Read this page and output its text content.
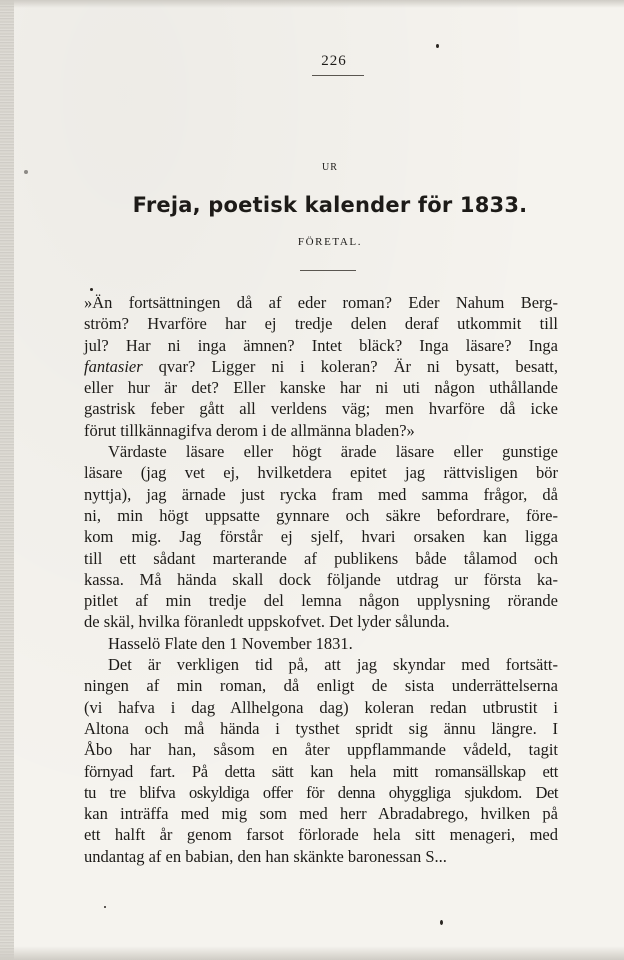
226
UR
Freja, poetisk kalender för 1833.
FÖRETAL.
»Än fortsättningen då af eder roman? Eder Nahum Berg-
ström? Hvarföre har ej tredje delen deraf utkommit till
jul? Har ni inga ämnen? Intet bläck? Inga läsare? Inga
fantasier qvar? Ligger ni i koleran? Är ni bysatt, besatt,
eller hur är det? Eller kanske har ni uti någon uthållande
gastrisk feber gått all verldens väg; men hvarföre då icke
förut tillkännagifva derom i de allmänna bladen?»
Värdaste läsare eller högt ärade läsare eller gunstige
läsare (jag vet ej, hvilketdera epitet jag rättvisligen bör
nyttja), jag ärnade just rycka fram med samma frågor, då
ni, min högt uppsatte gynnare och säkre befordrare, före-
kom mig. Jag förstår ej sjelf, hvari orsaken kan ligga
till ett sådant marterande af publikens både tålamod och
kassa. Må hända skall dock följande utdrag ur första ka-
pitlet af min tredje del lemna någon upplysning rörande
de skäl, hvilka föranledt uppskofvet. Det lyder sålunda.
Hasselö Flate den 1 November 1831.
Det är verkligen tid på, att jag skyndar med fortsätt-
ningen af min roman, då enligt de sista underrättelserna
(vi hafva i dag Allhelgona dag) koleran redan utbrustit i
Altona och må hända i tysthet spridt sig ännu längre. I
Åbo har han, såsom en åter uppflammande vådeld, tagit
förnyad fart. På detta sätt kan hela mitt romansällskap ett
tu tre blifva oskyldiga offer för denna ohyggliga sjukdom. Det
kan inträffa med mig som med herr Abradabrego, hvilken på
ett halft år genom farsot förlorade hela sitt menageri, med
undantag af en babian, den han skänkte baronessan S...
